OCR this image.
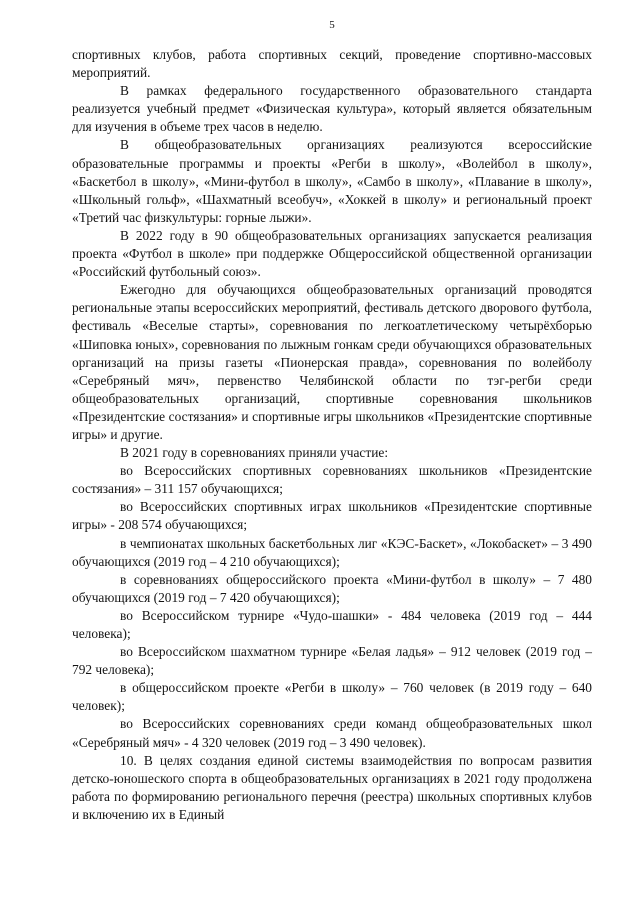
5

спортивных клубов, работа спортивных секций, проведение спортивно-массовых мероприятий.

В рамках федерального государственного образовательного стандарта реализуется учебный предмет «Физическая культура», который является обязательным для изучения в объеме трех часов в неделю.

В общеобразовательных организациях реализуются всероссийские образовательные программы и проекты «Регби в школу», «Волейбол в школу», «Баскетбол в школу», «Мини-футбол в школу», «Самбо в школу», «Плавание в школу», «Школьный гольф», «Шахматный всеобуч», «Хоккей в школу» и региональный проект «Третий час физкультуры: горные лыжи».

В 2022 году в 90 общеобразовательных организациях запускается реализация проекта «Футбол в школе» при поддержке Общероссийской общественной организации «Российский футбольный союз».

Ежегодно для обучающихся общеобразовательных организаций проводятся региональные этапы всероссийских мероприятий, фестиваль детского дворового футбола, фестиваль «Веселые старты», соревнования по легкоатлетическому четырёхборью «Шиповка юных», соревнования по лыжным гонкам среди обучающихся образовательных организаций на призы газеты «Пионерская правда», соревнования по волейболу «Серебряный мяч», первенство Челябинской области по тэг-регби среди общеобразовательных организаций, спортивные соревнования школьников «Президентские состязания» и спортивные игры школьников «Президентские спортивные игры» и другие.

В 2021 году в соревнованиях приняли участие:

во Всероссийских спортивных соревнованиях школьников «Президентские состязания» – 311 157 обучающихся;

во Всероссийских спортивных играх школьников «Президентские спортивные игры» - 208 574 обучающихся;

в чемпионатах школьных баскетбольных лиг «КЭС-Баскет», «Локобаскет» – 3 490 обучающихся (2019 год – 4 210 обучающихся);

в соревнованиях общероссийского проекта «Мини-футбол в школу» – 7 480 обучающихся (2019 год – 7 420 обучающихся);

во Всероссийском турнире «Чудо-шашки» - 484 человека (2019 год – 444 человека);

во Всероссийском шахматном турнире «Белая ладья» – 912 человек (2019 год – 792 человека);

в общероссийском проекте «Регби в школу» – 760 человек (в 2019 году – 640 человек);

во Всероссийских соревнованиях среди команд общеобразовательных школ «Серебряный мяч» - 4 320 человек (2019 год – 3 490 человек).

10. В целях создания единой системы взаимодействия по вопросам развития детско-юношеского спорта в общеобразовательных организациях в 2021 году продолжена работа по формированию регионального перечня (реестра) школьных спортивных клубов и включению их в Единый
